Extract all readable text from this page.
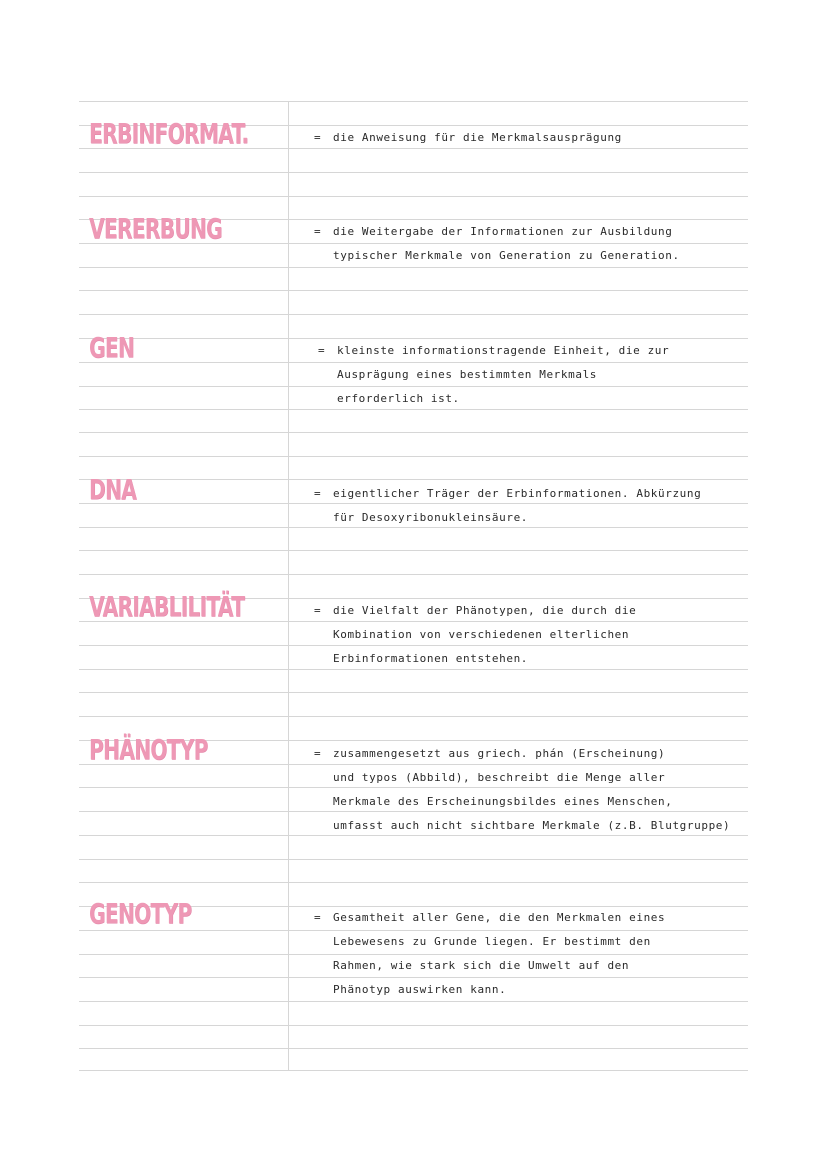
ERBINFORMAT.	= die Anweisung für die Merkmalsausprägung
VERERBUNG	= die Weitergabe der Informationen zur Ausbildung
typischer Merkmale von Generation zu Generation.
GEN	= kleinste informationstragende Einheit, die zur
Ausprägung eines bestimmten Merkmals
erforderlich ist.
DNA	= eigentlicher Träger der Erbinformationen. Abkürzung
für Desoxyribonukleinsäure.
VARIABLILITÄT	= die Vielfalt der Phänotypen, die durch die
Kombination von verschiedenen elterlichen
Erbinformationen entstehen.
PHÄNOTYP	= zusammengesetzt aus griech. phán (Erscheinung)
und typos (Abbild), beschreibt die Menge aller
Merkmale des Erscheinungsbildes eines Menschen,
umfasst auch nicht sichtbare Merkmale (z.B. Blutgruppe)
GENOTYP	= Gesamtheit aller Gene, die den Merkmalen eines
Lebewesens zu Grunde liegen. Er bestimmt den
Rahmen, wie stark sich die Umwelt auf den
Phänotyp auswirken kann.
